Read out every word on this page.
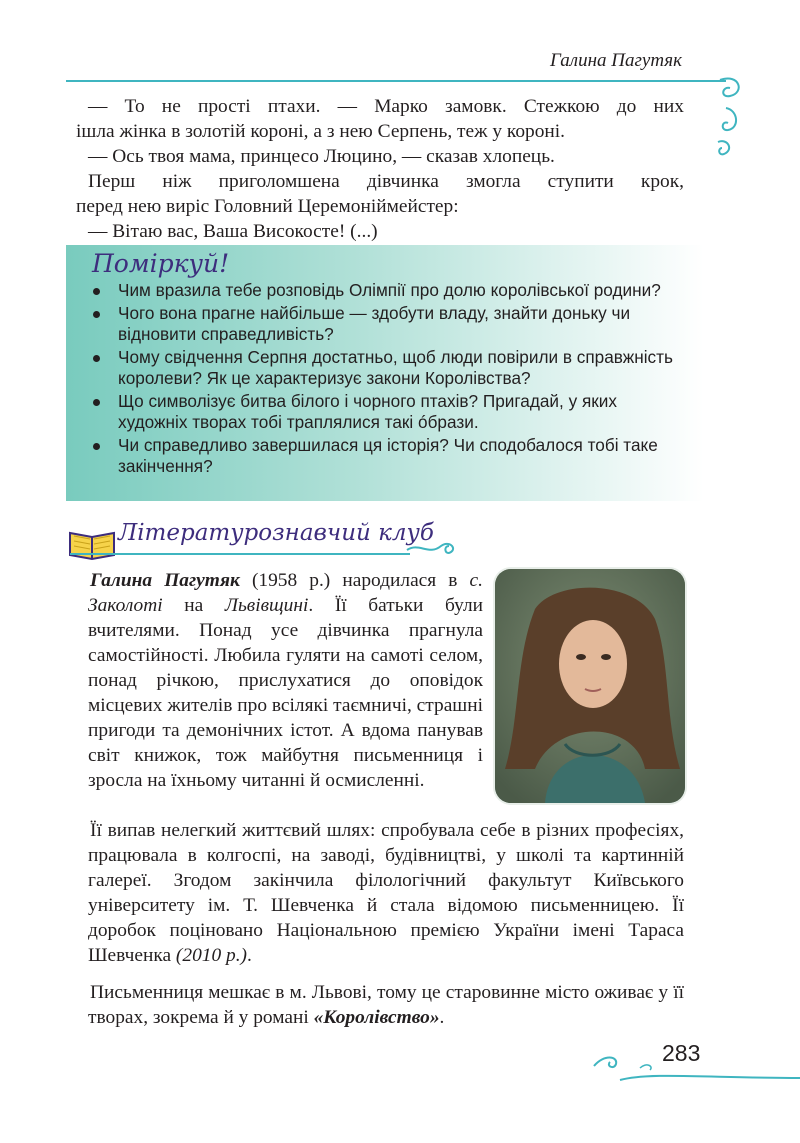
Галина Пагутяк

— То не прості птахи. — Марко замовк. Стежкою до них

ішла жінка в золотій короні, а з нею Серпень, теж у короні.

— Ось твоя мама, принцесо Люцино, — сказав хлопець.

Перш ніж приголомшена дівчинка змогла ступити крок,

перед нею виріс Головний Церемоніймейстер:

— Вітаю вас, Ваша Високосте! (...)

Поміркуй!
Чим вразила тебе розповідь Олімпії про долю королівської родини?
Чого вона прагне найбільше — здобути владу, знайти доньку чи відновити справедливість?
Чому свідчення Серпня достатньо, щоб люди повірили в справжність королеви? Як це характеризує закони Королівства?
Що символізує битва білого і чорного птахів? Пригадай, у яких художніх творах тобі траплялися такі óбрази.
Чи справедливо завершилася ця історія? Чи сподобалося тобі таке закінчення?
Літературознавчий клуб

Галина Пагутяк (1958 р.) народилася в с. Заколоті на Львівщині. Її батьки були вчителями. Понад усе дівчинка прагнула самостійності. Любила гуляти на самоті селом, понад річкою, прислухатися до оповідок місцевих жителів про всілякі таємничі, страшні пригоди та демонічних істот. А вдома панував світ книжок, тож майбутня письменниця і зросла на їхньому читанні й осмисленні.

Її випав нелегкий життєвий шлях: спробувала себе в різних професіях, працювала в колгоспі, на заводі, будівництві, у школі та картинній галереї. Згодом закінчила філологічний факультут Київського університету ім. Т. Шевченка й стала відомою письменницею. Її доробок поціновано Національною премією України імені Тараса Шевченка (2010 р.).

Письменниця мешкає в м. Львові, тому це старовинне місто оживає у її творах, зокрема й у романі «Королівство».

283
